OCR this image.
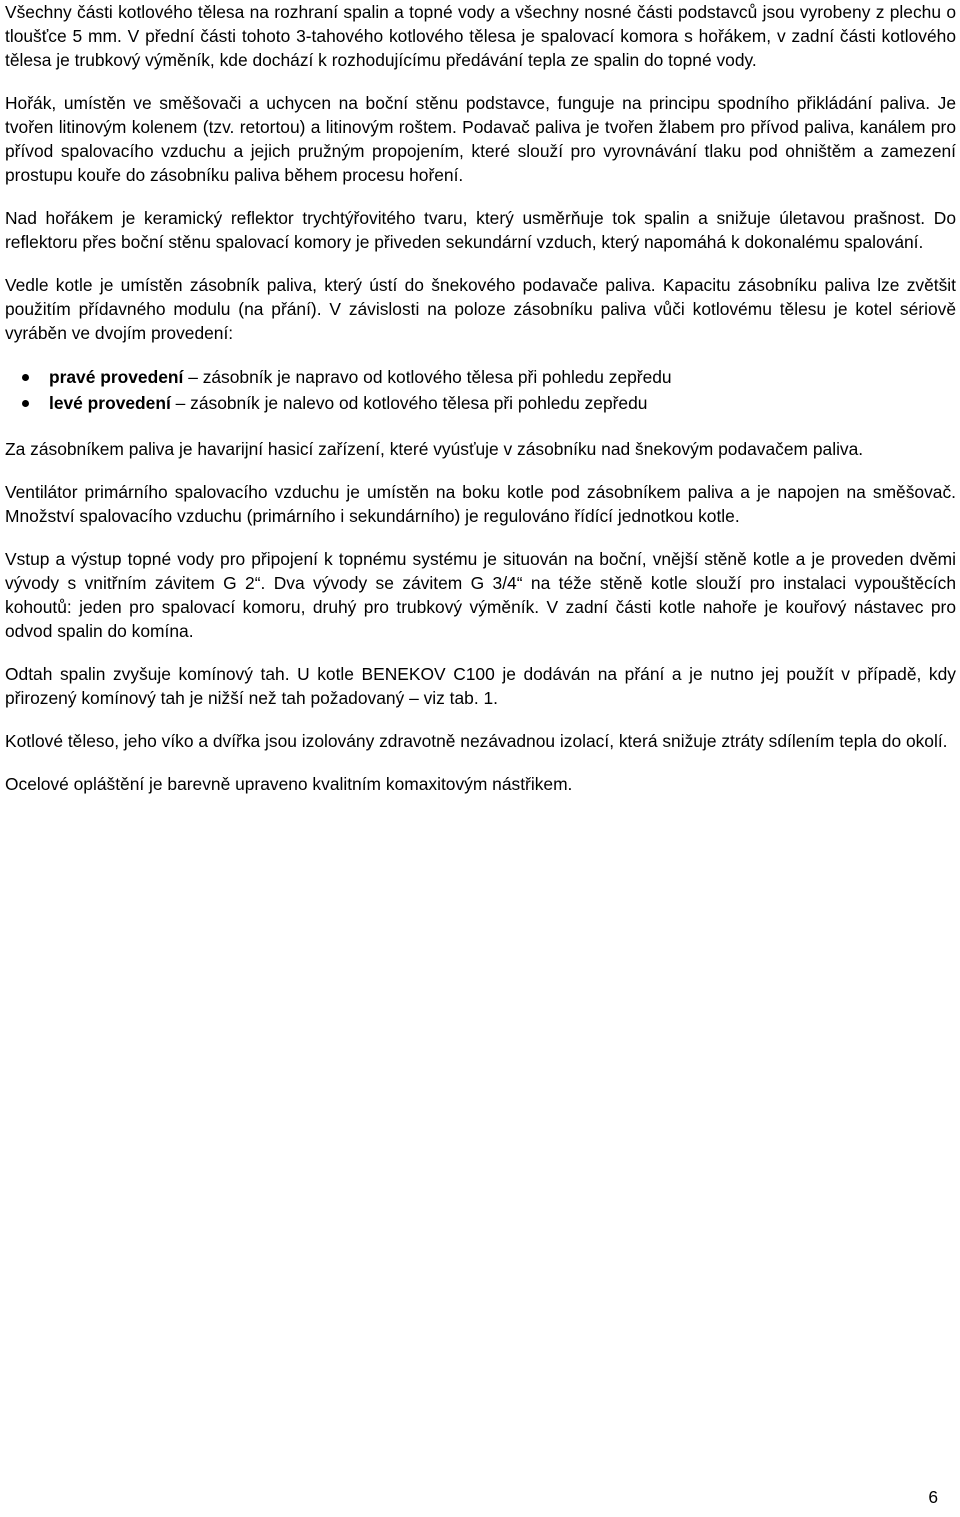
Všechny části kotlového tělesa na rozhraní spalin a topné vody a všechny nosné části podstavců jsou vyrobeny z plechu o tloušťce 5 mm. V přední části tohoto 3-tahového kotlového tělesa je spalovací komora s hořákem, v zadní části kotlového tělesa je trubkový výměník, kde dochází k rozhodujícímu předávání tepla ze spalin do topné vody.

Hořák, umístěn ve směšovači a uchycen na boční stěnu podstavce, funguje na principu spodního přikládání paliva. Je tvořen litinovým kolenem (tzv. retortou) a litinovým roštem. Podavač paliva je tvořen žlabem pro přívod paliva, kanálem pro přívod spalovacího vzduchu a jejich pružným propojením, které slouží pro vyrovnávání tlaku pod ohništěm a zamezení prostupu kouře do zásobníku paliva během procesu hoření.

Nad hořákem je keramický reflektor trychtýřovitého tvaru, který usměrňuje tok spalin a snižuje úletavou prašnost. Do reflektoru přes boční stěnu spalovací komory je přiveden sekundární vzduch, který napomáhá k dokonalému spalování.

Vedle kotle je umístěn zásobník paliva, který ústí do šnekového podavače paliva. Kapacitu zásobníku paliva lze zvětšit použitím přídavného modulu (na přání). V závislosti na poloze zásobníku paliva vůči kotlovému tělesu je kotel sériově vyráběn ve dvojím provedení:

pravé provedení – zásobník je napravo od kotlového tělesa při pohledu zepředu
levé provedení – zásobník je nalevo od kotlového tělesa při pohledu zepředu

Za zásobníkem paliva je havarijní hasicí zařízení, které vyúsťuje v zásobníku nad šnekovým podavačem paliva.

Ventilátor primárního spalovacího vzduchu je umístěn na boku kotle pod zásobníkem paliva a je napojen na směšovač. Množství spalovacího vzduchu (primárního i sekundárního) je regulováno řídící jednotkou kotle.

Vstup a výstup topné vody pro připojení k topnému systému je situován na boční, vnější stěně kotle a je proveden dvěmi vývody s vnitřním závitem G 2“. Dva vývody se závitem G 3/4“ na téže stěně kotle slouží pro instalaci vypouštěcích kohoutů: jeden pro spalovací komoru, druhý pro trubkový výměník. V zadní části kotle nahoře je kouřový nástavec pro odvod spalin do komína.

Odtah spalin zvyšuje komínový tah. U kotle BENEKOV C100 je dodáván na přání a je nutno jej použít v případě, kdy přirozený komínový tah je nižší než tah požadovaný – viz tab. 1.

Kotlové těleso, jeho víko a dvířka jsou izolovány zdravotně nezávadnou izolací, která snižuje ztráty sdílením tepla do okolí.

Ocelové opláštění je barevně upraveno kvalitním komaxitovým nástřikem.

6
